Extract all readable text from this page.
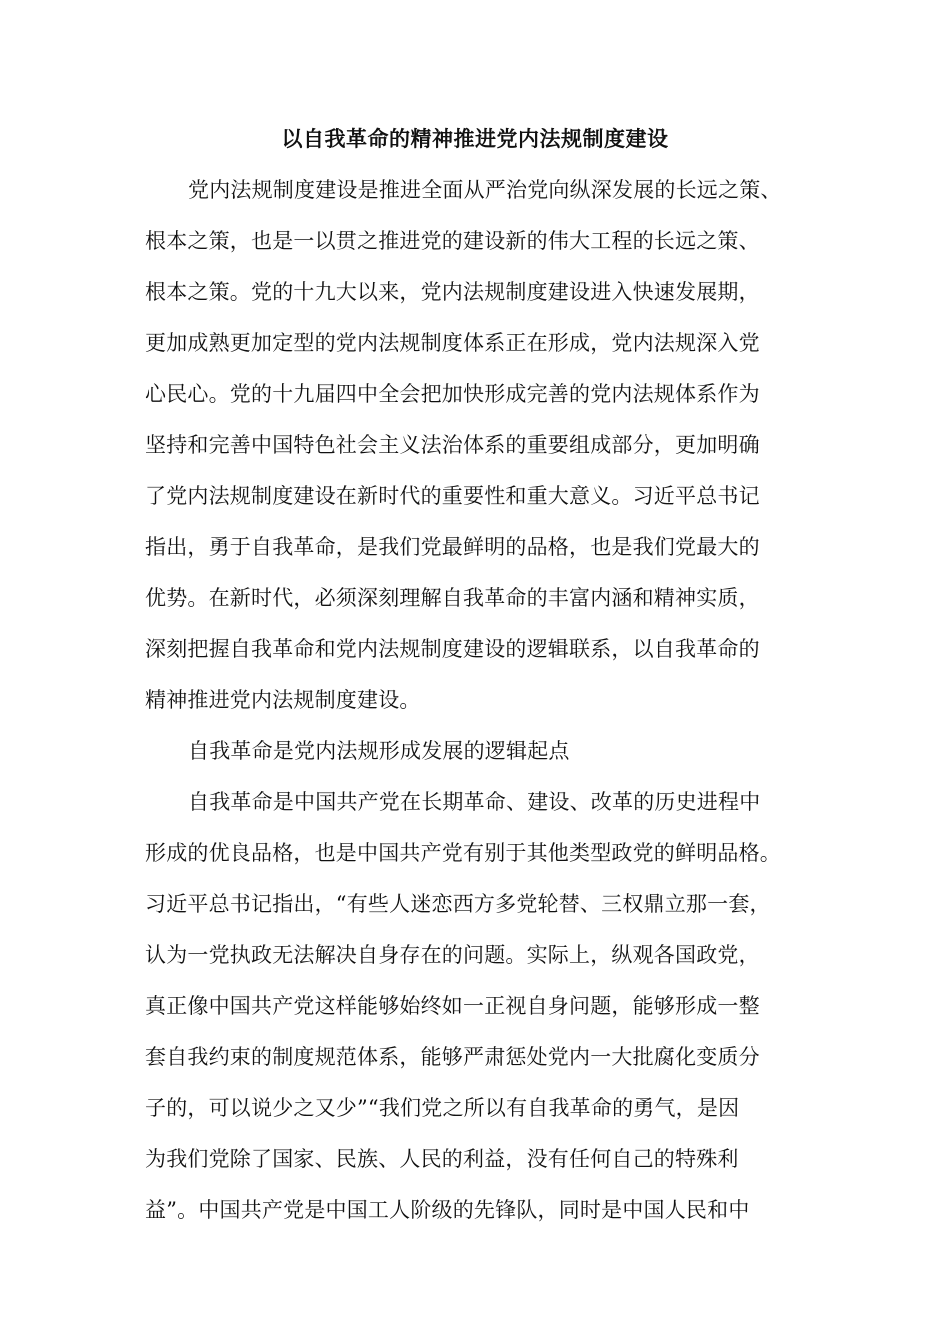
以自我革命的精神推进党内法规制度建设
党内法规制度建设是推进全面从严治党向纵深发展的长远之策、
根本之策，也是一以贯之推进党的建设新的伟大工程的长远之策、
根本之策。党的十九大以来，党内法规制度建设进入快速发展期，
更加成熟更加定型的党内法规制度体系正在形成，党内法规深入党
心民心。党的十九届四中全会把加快形成完善的党内法规体系作为
坚持和完善中国特色社会主义法治体系的重要组成部分，更加明确
了党内法规制度建设在新时代的重要性和重大意义。习近平总书记
指出，勇于自我革命，是我们党最鲜明的品格，也是我们党最大的
优势。在新时代，必须深刻理解自我革命的丰富内涵和精神实质，
深刻把握自我革命和党内法规制度建设的逻辑联系，以自我革命的
精神推进党内法规制度建设。
自我革命是党内法规形成发展的逻辑起点
自我革命是中国共产党在长期革命、建设、改革的历史进程中
形成的优良品格，也是中国共产党有别于其他类型政党的鲜明品格。
习近平总书记指出，“有些人迷恋西方多党轮替、三权鼎立那一套，
认为一党执政无法解决自身存在的问题。实际上，纵观各国政党，
真正像中国共产党这样能够始终如一正视自身问题，能够形成一整
套自我约束的制度规范体系，能够严肃惩处党内一大批腐化变质分
子的，可以说少之又少”“我们党之所以有自我革命的勇气，是因
为我们党除了国家、民族、人民的利益，没有任何自己的特殊利
益”。中国共产党是中国工人阶级的先锋队，同时是中国人民和中
